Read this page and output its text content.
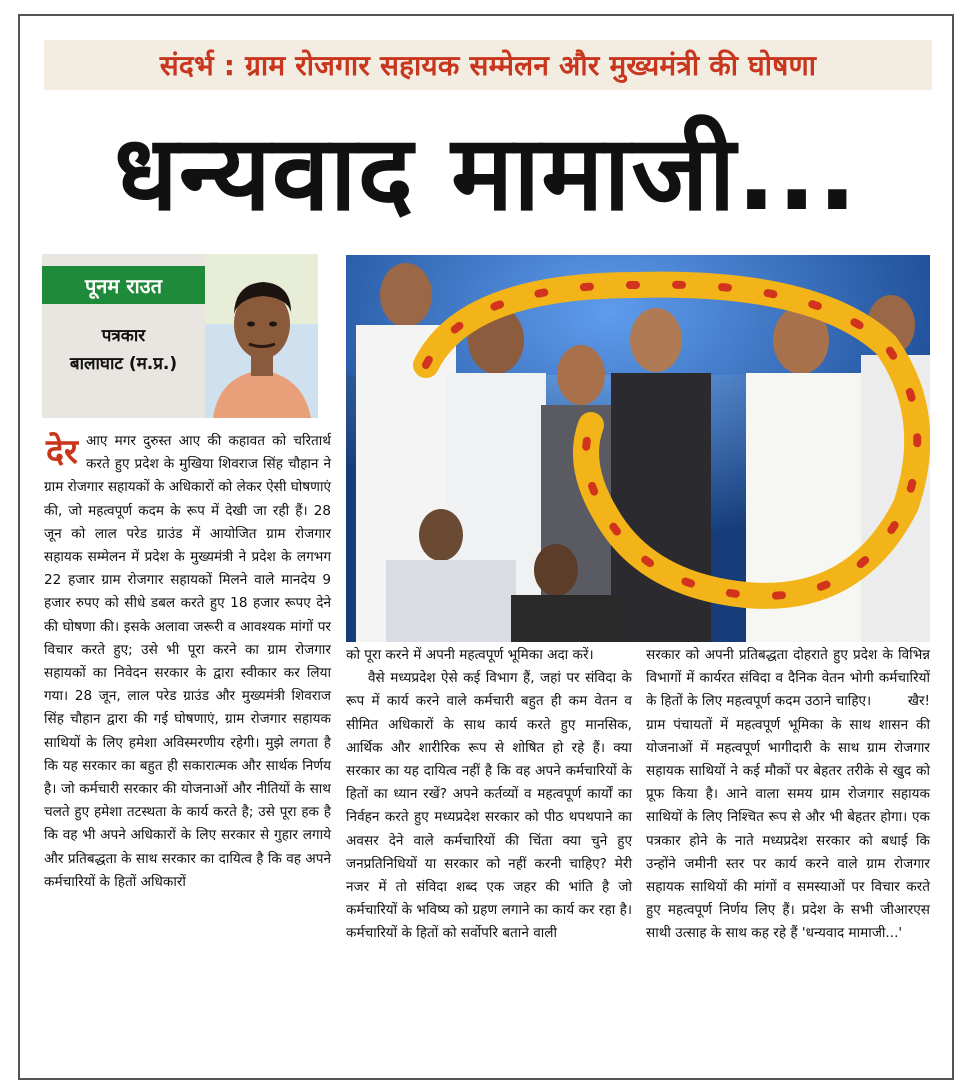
संदर्भ : ग्राम रोजगार सहायक सम्मेलन और मुख्यमंत्री की घोषणा
धन्यवाद मामाजी...
पूनम राउत
पत्रकार
बालाघाट (म.प्र.)
देर आए मगर दुरुस्त आए की कहावत को चरितार्थ करते हुए प्रदेश के मुखिया शिवराज सिंह चौहान ने ग्राम रोजगार सहायकों के अधिकारों को लेकर ऐसी घोषणाएं की, जो महत्वपूर्ण कदम के रूप में देखी जा रही हैं। 28 जून को लाल परेड ग्राउंड में आयोजित ग्राम रोजगार सहायक सम्मेलन में प्रदेश के मुख्यमंत्री ने प्रदेश के लगभग 22 हजार ग्राम रोजगार सहायकों मिलने वाले मानदेय 9 हजार रुपए को सीधे डबल करते हुए 18 हजार रूपए देने की घोषणा की। इसके अलावा जरूरी व आवश्यक मांगों पर विचार करते हुए; उसे भी पूरा करने का ग्राम रोजगार सहायकों का निवेदन सरकार के द्वारा स्वीकार कर लिया गया। 28 जून, लाल परेड ग्राउंड और मुख्यमंत्री शिवराज सिंह चौहान द्वारा की गई घोषणाएं, ग्राम रोजगार सहायक साथियों के लिए हमेशा अविस्मरणीय रहेगी। मुझे लगता है कि यह सरकार का बहुत ही सकारात्मक और सार्थक निर्णय है। जो कर्मचारी सरकार की योजनाओं और नीतियों के साथ चलते हुए हमेशा तटस्थता के कार्य करते है; उसे पूरा हक है कि वह भी अपने अधिकारों के लिए सरकार से गुहार लगाये और प्रतिबद्धता के साथ सरकार का दायित्व है कि वह अपने कर्मचारियों के हितों अधिकारों

को पूरा करने में अपनी महत्वपूर्ण भूमिका अदा करें।

वैसे मध्यप्रदेश ऐसे कई विभाग हैं, जहां पर संविदा के रूप में कार्य करने वाले कर्मचारी बहुत ही कम वेतन व सीमित अधिकारों के साथ कार्य करते हुए मानसिक, आर्थिक और शारीरिक रूप से शोषित हो रहे हैं। क्या सरकार का यह दायित्व नहीं है कि वह अपने कर्मचारियों के हितों का ध्यान रखें? अपने कर्तव्यों व महत्वपूर्ण कार्यों का निर्वहन करते हुए मध्यप्रदेश सरकार को पीठ थपथपाने का अवसर देने वाले कर्मचारियों की चिंता क्या चुने हुए जनप्रतिनिधियों या सरकार को नहीं करनी चाहिए? मेरी नजर में तो संविदा शब्द एक जहर की भांति है जो कर्मचारियों के भविष्य को ग्रहण लगाने का कार्य कर रहा है। कर्मचारियों के हितों को सर्वोपरि बताने वाली

सरकार को अपनी प्रतिबद्धता दोहराते हुए प्रदेश के विभिन्न विभागों में कार्यरत संविदा व दैनिक वेतन भोगी कर्मचारियों के हितों के लिए महत्वपूर्ण कदम उठाने चाहिए।	खैर!

ग्राम पंचायतों में महत्वपूर्ण भूमिका के साथ शासन की योजनाओं में महत्वपूर्ण भागीदारी के साथ ग्राम रोजगार सहायक साथियों ने कई मौकों पर बेहतर तरीके से खुद को प्रूफ किया है। आने वाला समय ग्राम रोजगार सहायक साथियों के लिए निश्चित रूप से और भी बेहतर होगा। एक पत्रकार होने के नाते मध्यप्रदेश सरकार को बधाई कि उन्होंने जमीनी स्तर पर कार्य करने वाले ग्राम रोजगार सहायक साथियों की मांगों व समस्याओं पर विचार करते हुए महत्वपूर्ण निर्णय लिए हैं। प्रदेश के सभी जीआरएस साथी उत्साह के साथ कह रहे हैं 'धन्यवाद मामाजी...'
